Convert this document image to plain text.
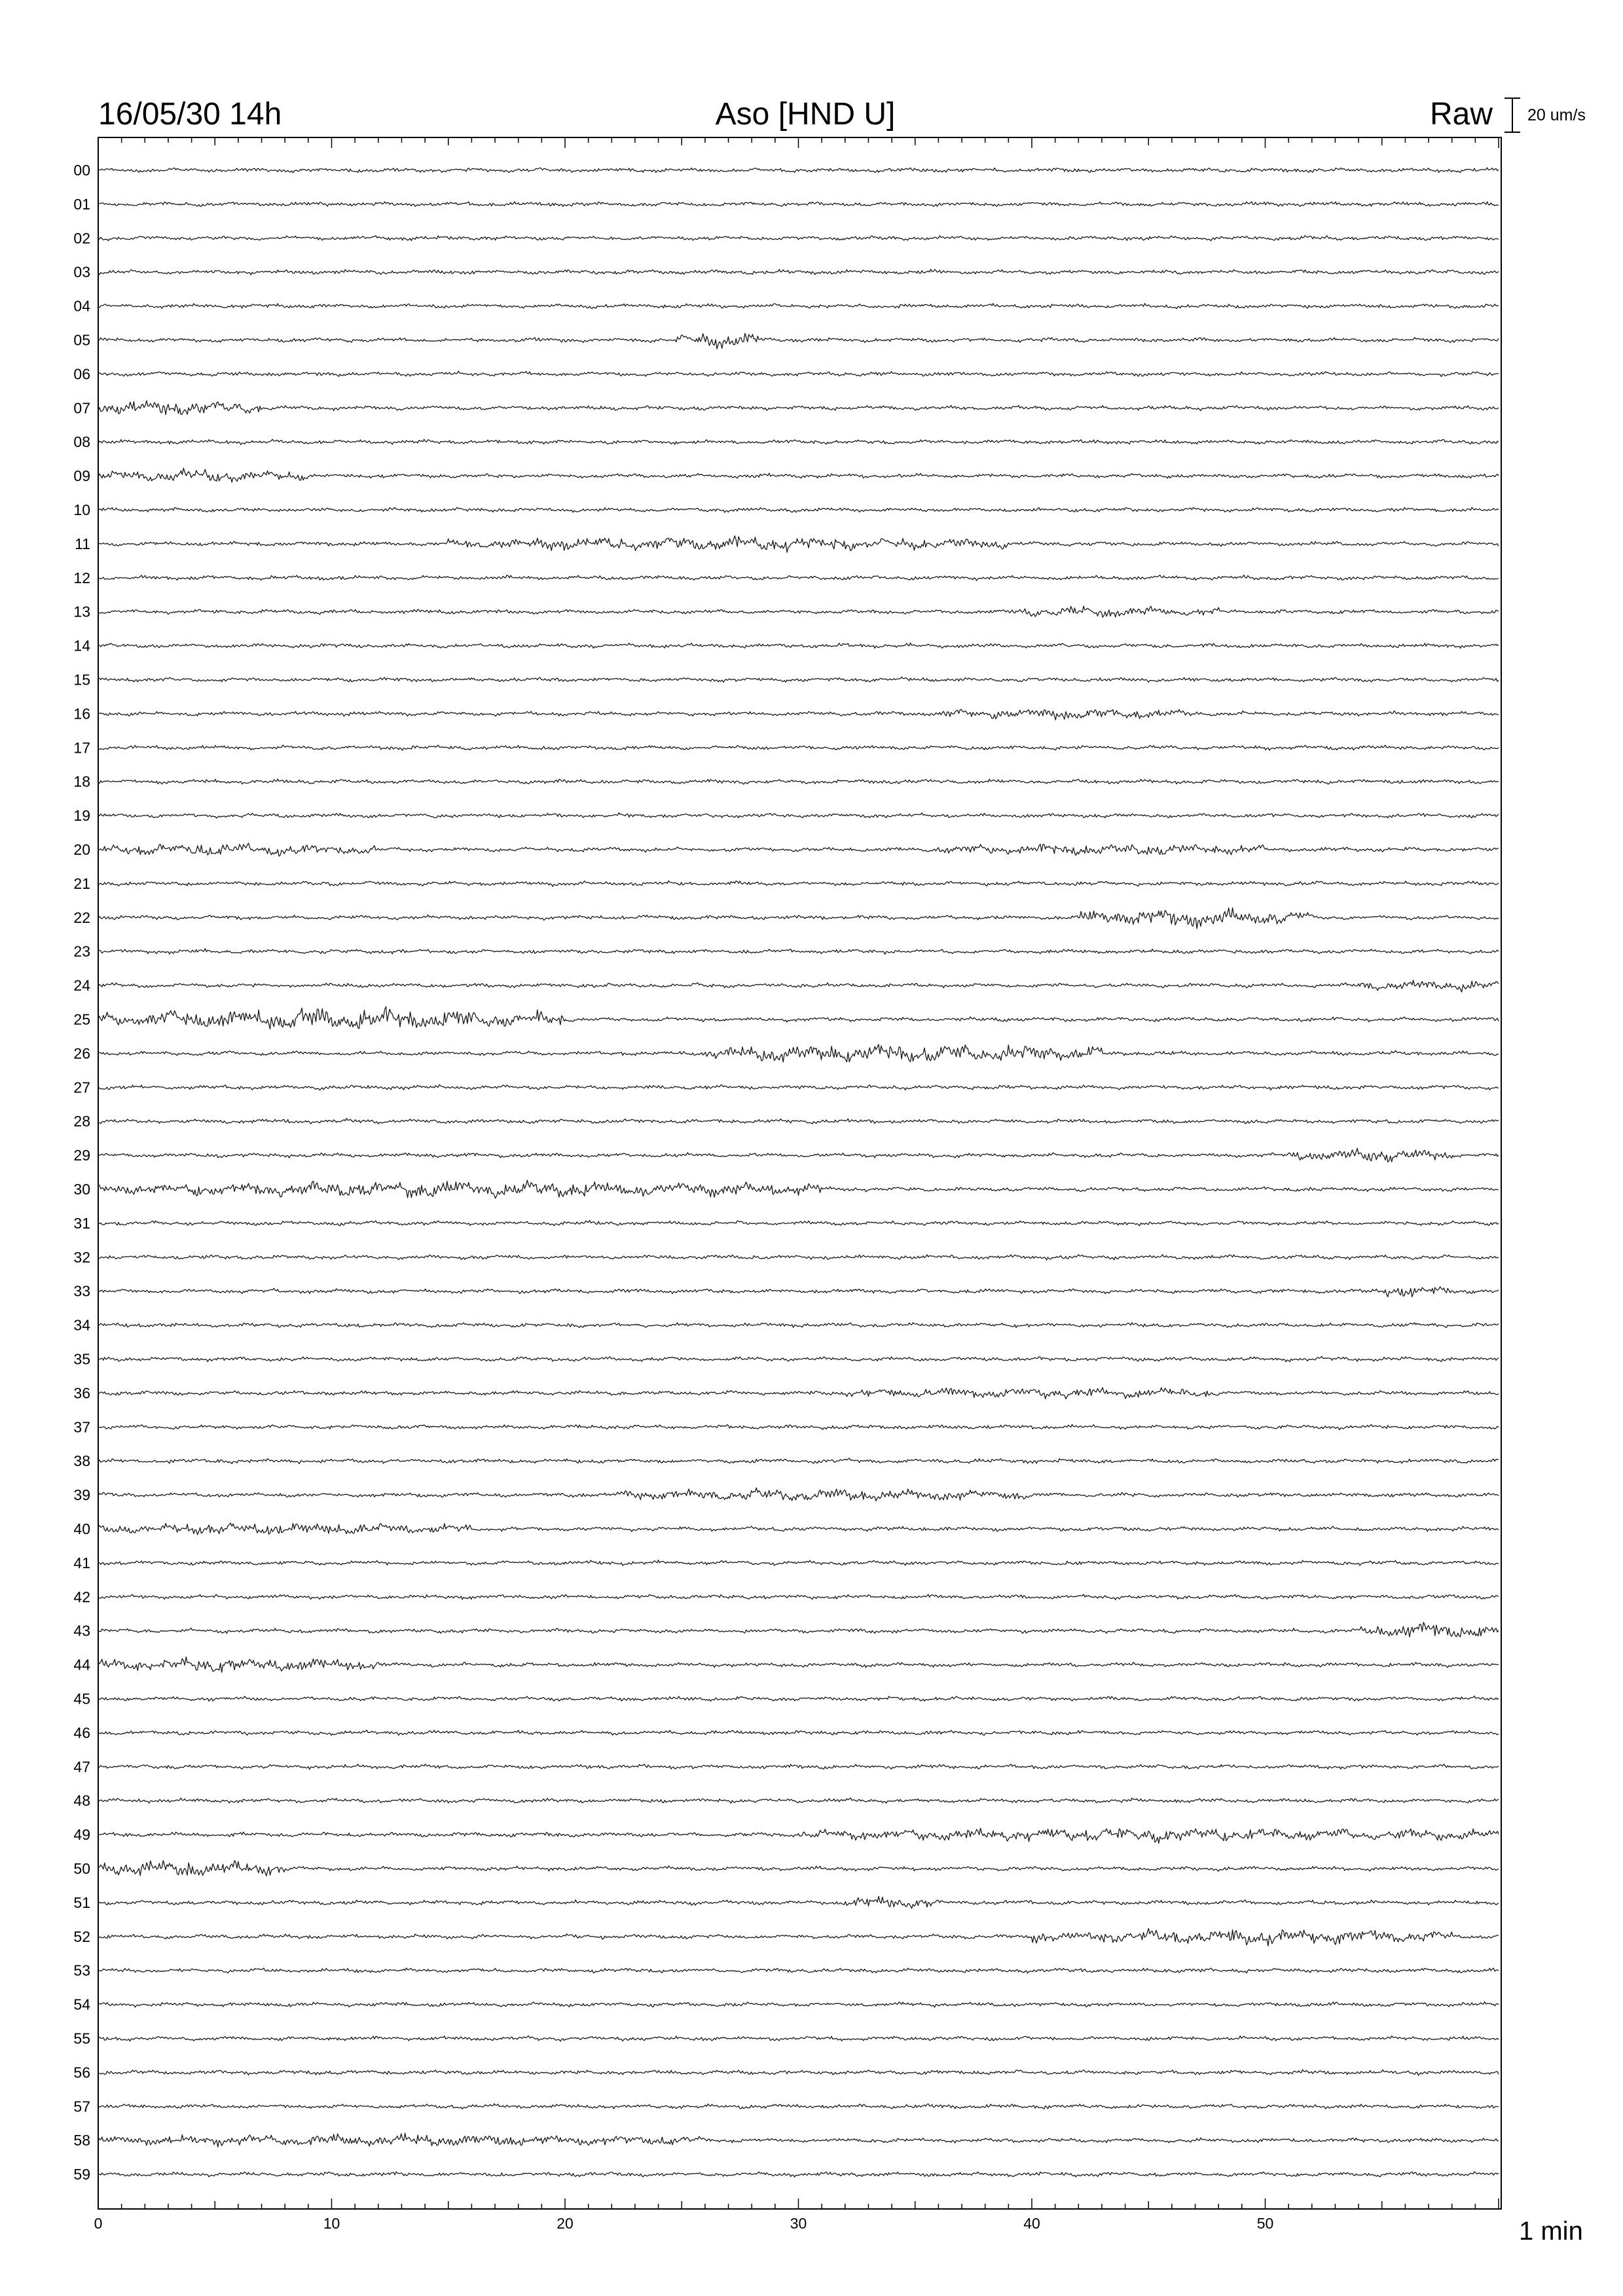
16/05/30 14h	Aso [HND U]	Raw 20 um/s
00
01
02
03
04
05
06
07
08
09
10
11
12
13
14
15
16
17
18
19
20
21
22
23
24
25
26
27
28
29
30
31
32
33
34
35
36
37
38
39
40
41
42
43
44
45
46
47
48
49
50
51
52
53
54
55
56
57
58
59
0	10	20	30	40	50	1 min
